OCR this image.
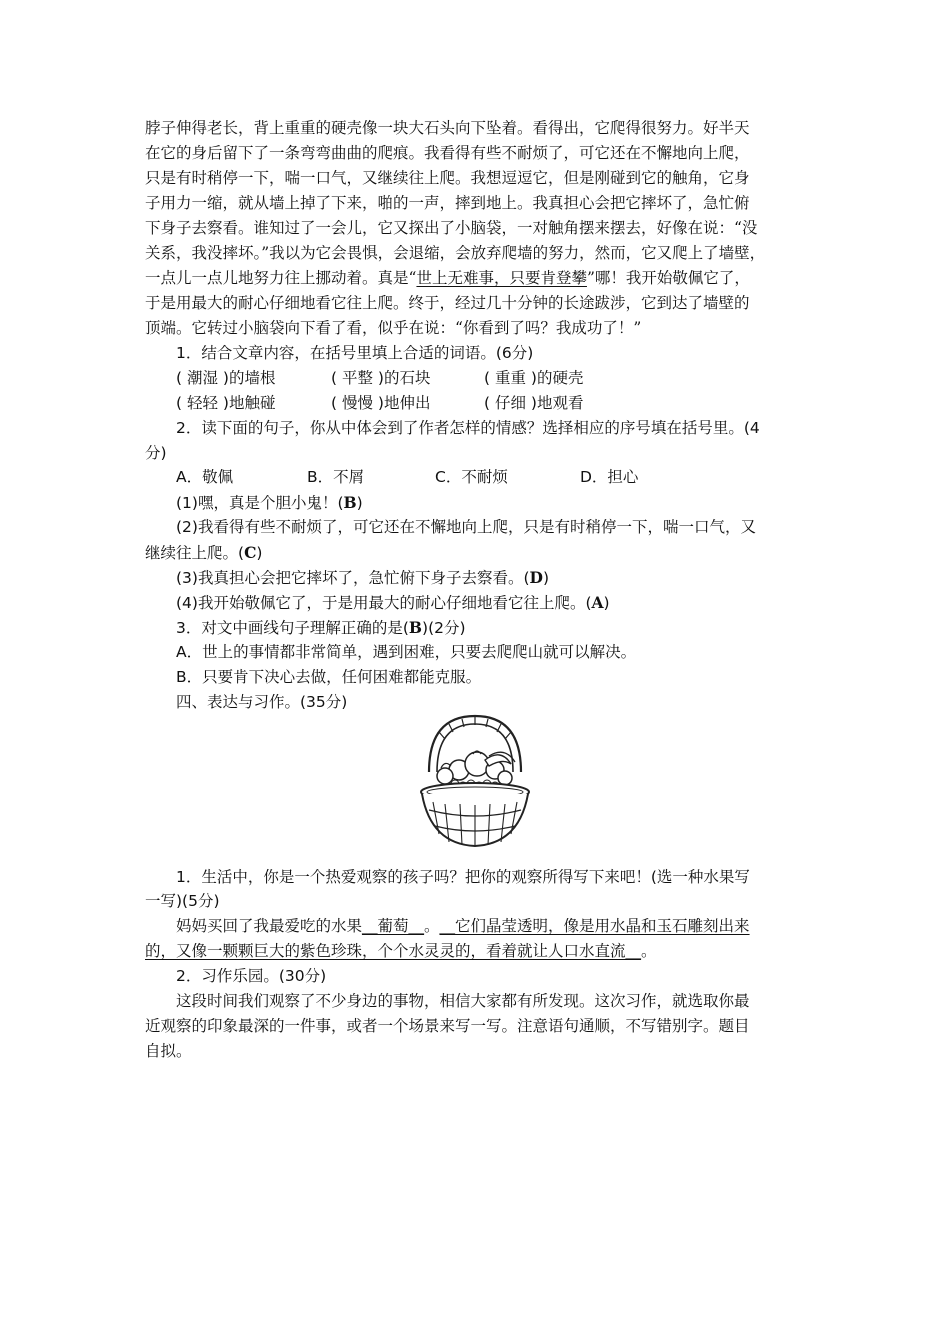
脖子伸得老长，背上重重的硬壳像一块大石头向下坠着。看得出，它爬得很努力。好半天
在它的身后留下了一条弯弯曲曲的爬痕。我看得有些不耐烦了，可它还在不懈地向上爬，
只是有时稍停一下，喘一口气，又继续往上爬。我想逗逗它，但是刚碰到它的触角，它身
子用力一缩，就从墙上掉了下来，啪的一声，摔到地上。我真担心会把它摔坏了，急忙俯
下身子去察看。谁知过了一会儿，它又探出了小脑袋，一对触角摆来摆去，好像在说：“没
关系，我没摔坏。”我以为它会畏惧，会退缩，会放弃爬墙的努力，然而，它又爬上了墙壁，
一点儿一点儿地努力往上挪动着。真是“世上无难事，只要肯登攀”哪！我开始敬佩它了，
于是用最大的耐心仔细地看它往上爬。终于，经过几十分钟的长途跋涉，它到达了墙壁的
顶端。它转过小脑袋向下看了看，似乎在说：“你看到了吗？我成功了！”
1．结合文章内容，在括号里填上合适的词语。(6分)
( 潮湿 )的墙根	( 平整 )的石块	( 重重 )的硬壳
( 轻轻 )地触碰	( 慢慢 )地伸出	( 仔细 )地观看
2．读下面的句子，你从中体会到了作者怎样的情感？选择相应的序号填在括号里。(4
分)
A．敬佩	B．不屑	C．不耐烦	D．担心
(1)嘿，真是个胆小鬼！(B)
(2)我看得有些不耐烦了，可它还在不懈地向上爬，只是有时稍停一下，喘一口气，又
继续往上爬。(C)
(3)我真担心会把它摔坏了，急忙俯下身子去察看。(D)
(4)我开始敬佩它了，于是用最大的耐心仔细地看它往上爬。(A)
3．对文中画线句子理解正确的是(B)(2分)
A．世上的事情都非常简单，遇到困难，只要去爬爬山就可以解决。
B．只要肯下决心去做，任何困难都能克服。
四、表达与习作。(35分)
1．生活中，你是一个热爱观察的孩子吗？把你的观察所得写下来吧！(选一种水果写
一写)(5分)
妈妈买回了我最爱吃的水果__葡萄__。__它们晶莹透明，像是用水晶和玉石雕刻出来
的，又像一颗颗巨大的紫色珍珠，个个水灵灵的，看着就让人口水直流__。
2．习作乐园。(30分)
这段时间我们观察了不少身边的事物，相信大家都有所发现。这次习作，就选取你最
近观察的印象最深的一件事，或者一个场景来写一写。注意语句通顺，不写错别字。题目
自拟。
